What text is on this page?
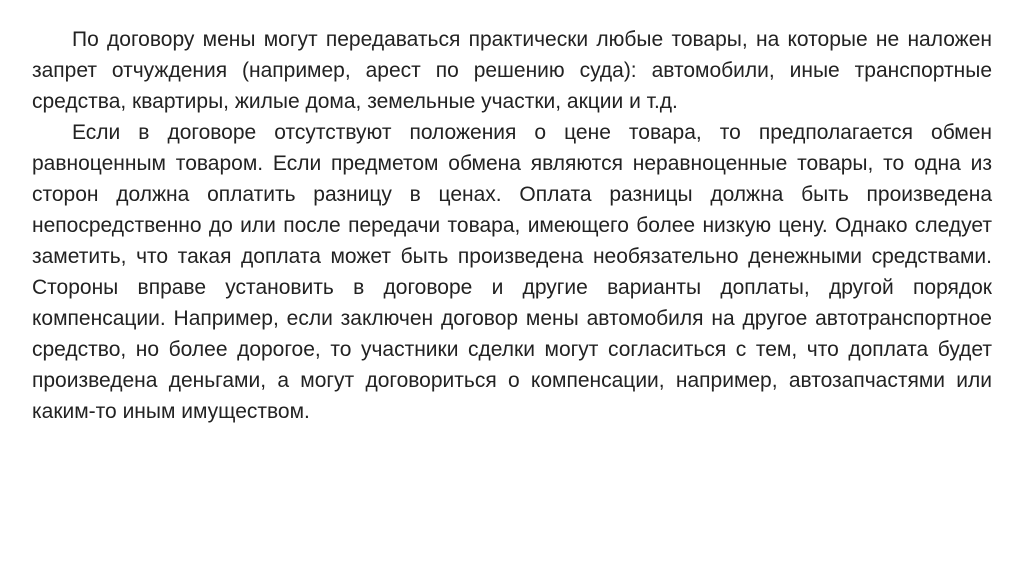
По договору мены могут передаваться практически любые товары, на которые не наложен запрет отчуждения (например, арест по решению суда): автомобили, иные транспортные средства, квартиры, жилые дома, земельные участки, акции и т.д.

Если в договоре отсутствуют положения о цене товара, то предполагается обмен равноценным товаром. Если предметом обмена являются неравноценные товары, то одна из сторон должна оплатить разницу в ценах. Оплата разницы должна быть произведена непосредственно до или после передачи товара, имеющего более низкую цену. Однако следует заметить, что такая доплата может быть произведена необязательно денежными средствами. Стороны вправе установить в договоре и другие варианты доплаты, другой порядок компенсации. Например, если заключен договор мены автомобиля на другое автотранспортное средство, но более дорогое, то участники сделки могут согласиться с тем, что доплата будет произведена деньгами, а могут договориться о компенсации, например, автозапчастями или каким-то иным имуществом.
